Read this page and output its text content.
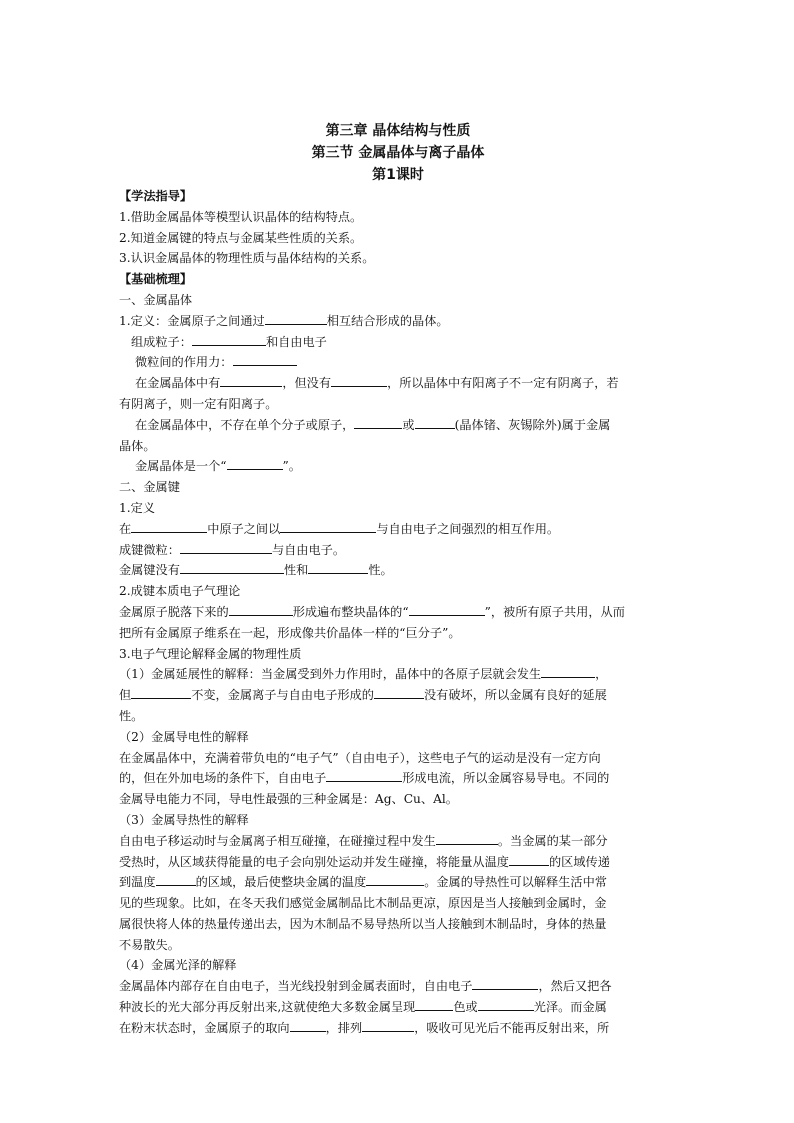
第三章 晶体结构与性质
第三节 金属晶体与离子晶体
第1课时
【学法指导】
1.借助金属晶体等模型认识晶体的结构特点。
2.知道金属键的特点与金属某些性质的关系。
3.认识金属晶体的物理性质与晶体结构的关系。
【基础梳理】
一、金属晶体
1.定义：金属原子之间通过	相互结合形成的晶体。
组成粒子：	和自由电子
微粒间的作用力：
在金属晶体中有	，但没有	，所以晶体中有阳离子不一定有阴离子，若
有阴离子，则一定有阳离子。
在金属晶体中，不存在单个分子或原子，	或	(晶体锗、灰锡除外)属于金属
晶体。
金属晶体是一个“	”。
二、金属键
1.定义
在	中原子之间以	与自由电子之间强烈的相互作用。
成键微粒：	与自由电子。
金属键没有	性和	性。
2.成键本质电子气理论
金属原子脱落下来的	形成遍布整块晶体的“	”，被所有原子共用，从而
把所有金属原子维系在一起，形成像共价晶体一样的“巨分子”。
3.电子气理论解释金属的物理性质
（1）金属延展性的解释：当金属受到外力作用时，晶体中的各原子层就会发生	，
但	不变，金属离子与自由电子形成的	没有破坏，所以金属有良好的延展
性。
（2）金属导电性的解释
在金属晶体中，充满着带负电的“电子气”（自由电子），这些电子气的运动是没有一定方向
的，但在外加电场的条件下，自由电子	形成电流，所以金属容易导电。不同的
金属导电能力不同，导电性最强的三种金属是：Ag、Cu、Al。
（3）金属导热性的解释
自由电子移运动时与金属离子相互碰撞，在碰撞过程中发生	。当金属的某一部分
受热时，从区域获得能量的电子会向别处运动并发生碰撞，将能量从温度	的区域传递
到温度	的区域，最后使整块金属的温度	。金属的导热性可以解释生活中常
见的些现象。比如，在冬天我们感觉金属制品比木制品更凉，原因是当人接触到金属时，金
属很快将人体的热量传递出去，因为木制品不易导热所以当人接触到木制品时，身体的热量
不易散失。
（4）金属光泽的解释
金属晶体内部存在自由电子，当光线投射到金属表面时，自由电子	，然后又把各
种波长的光大部分再反射出来,这就使绝大多数金属呈现	色或	光泽。而金属
在粉末状态时，金属原子的取向	，排列	，吸收可见光后不能再反射出来，所
